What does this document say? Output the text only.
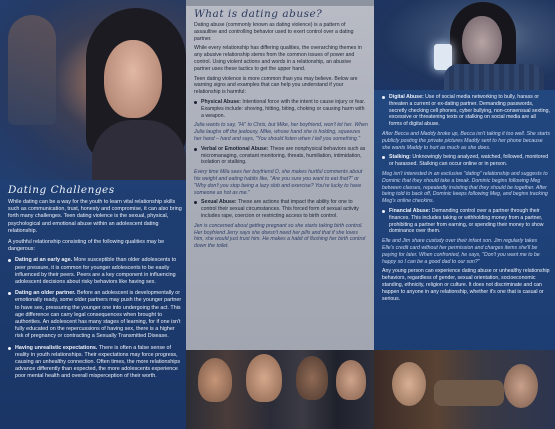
Dating Challenges

While dating can be a way for the youth to learn vital relationship skills such as communication, trust, honesty and compromise, it can also bring forth many challenges. Teen dating violence is the sexual, physical, psychological and emotional abuse within an adolescent dating relationship.

A youthful relationship consisting of the following qualities may be dangerous:

Dating at an early age. More susceptible than older adolescents to peer pressure, it is common for younger adolescents to be easily influenced by their peers. Peers are a key component in influencing adolescent decisions about risky behaviors like having sex.
Dating an older partner. Before an adolescent is developmentally or emotionally ready, some older partners may push the younger partner to have sex, pressuring the younger one into undergoing the act. This age difference can carry legal consequences when brought to authorities. An adolescent has many stages of learning, for if one isn't fully educated on the repercussions of having sex, there is a higher risk of pregnancy or contracting a Sexually Transmitted Disease.
Having unrealistic expectations. There is often a false sense of reality in youth relationships. Their expectations may force progress, causing an unhealthy connection. Often times, the more relationships advance differently than expected, the more adolescents experience poor mental health and overall misperception of their worth.
What is dating abuse?

Dating abuse (commonly known as dating violence) is a pattern of assaultive and controlling behavior used to exert control over a dating partner.

While every relationship has differing qualities, the overarching themes in any abusive relationship stems from the common issues of power and control. Using violent actions and words in a relationship, an abusive partner uses these tactics to get the upper hand.

Teen dating violence is more common than you may believe. Below are warning signs and examples that can help you understand if your relationship is harmful:

Physical Abuse: Intentional force with the intent to cause injury or fear. Examples include: shoving, hitting, biting, choking or causing harm with a weapon.

Julia wants to say, "Hi" to Chris, but Mike, her boyfriend, won't let her. When Julia laughs off the jealousy, Mike, whose hand she is holding, squeezes her hand – hard and says, "You should listen when I tell you something."

Verbal or Emotional Abuse: These are nonphysical behaviors such as micromanaging, constant monitoring, threats, humiliation, intimidation, isolation or stalking.

Every time Mila sees her boyfriend D, she makes hurtful comments about his weight and eating habits like, "Are you sure you want to eat that?" or "Why don't you stop being a lazy slob and exercise? You're lucky to have someone as hot as me."

Sexual Abuse: These are actions that impact the ability for one to control their sexual circumstances. This forced form of sexual activity includes rape, coercion or restricting access to birth control.

Jen is concerned about getting pregnant so she starts taking birth control. Her boyfriend Jerry says she doesn't need her pills and that if she loves him, she would just trust him. He makes a habit of flushing her birth control down the toilet.

Digital Abuse: Use of social media networking to bully, harass or threaten a current or ex-dating partner. Demanding passwords, secretly checking cell phones, cyber bullying, non-consensual sexting, excessive or threatening texts or stalking on social media are all forms of digital abuse.

After Becca and Maddy broke up, Becca isn't taking it too well. She starts publicly posting the private pictures Maddy sent to her phone because she wants Maddy to hurt as much as she does.

Stalking: Unknowingly being analyzed, watched, followed, monitored or harassed. Stalking can occur online or in person.

Meg isn't interested in an exclusive "dating" relationship and suggests to Dominic that they should take a break. Dominic begins following Meg between classes, repeatedly insisting that they should be together. After being told to back off, Dominic keeps following Meg, and begins tracking Meg's online checkins.

Financial Abuse: Demanding control over a partner through their finances. This includes taking or withholding money from a partner, prohibiting a partner from earning, or spending their money to show dominance over them.

Elle and Jim share custody over their infant son. Jim regularly takes Elle's credit card without her permission and charges items she'll be paying for later. When confronted, he says, "Don't you want me to be happy so I can be a good dad to our son?"

Any young person can experience dating abuse or unhealthy relationship behaviors, regardless of gender, sexual orientation, socioeconomic standing, ethnicity, religion or culture. It does not discriminate and can happen to anyone in any relationship, whether it's one that is casual or serious.
